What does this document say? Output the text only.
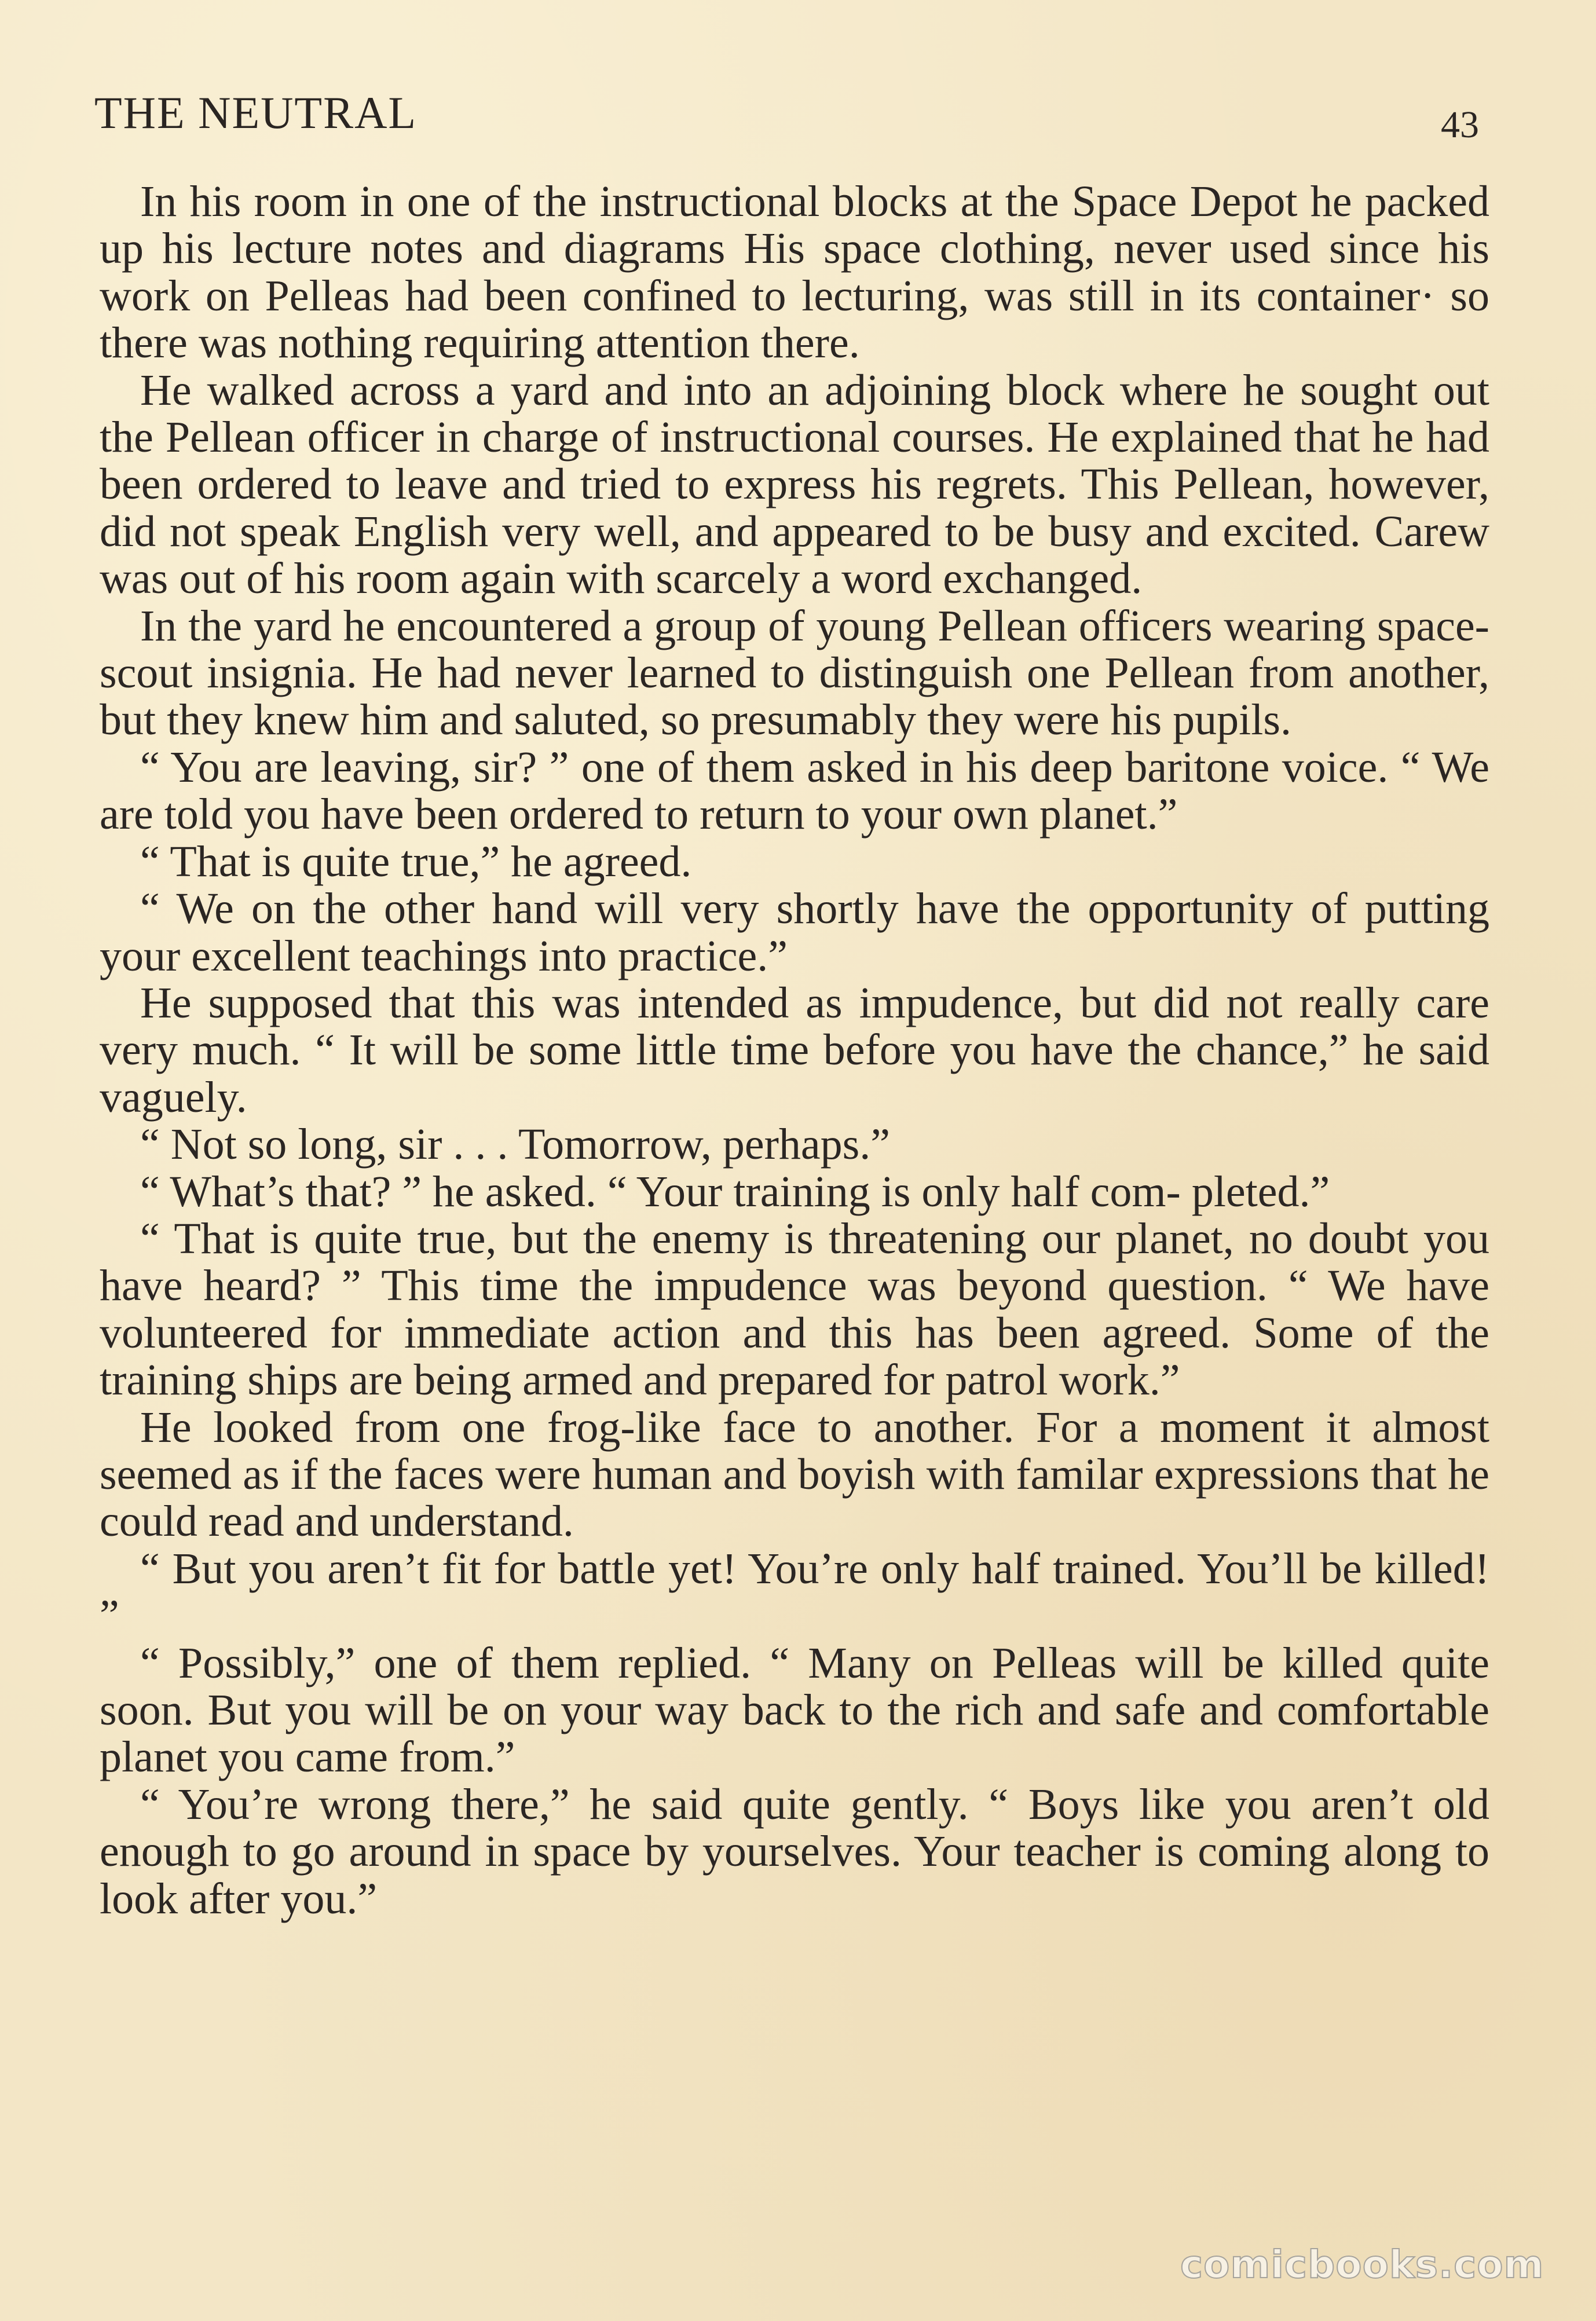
THE NEUTRAL	43

In his room in one of the instructional blocks at the Space Depot he packed up his lecture notes and diagrams His space clothing, never used since his work on Pelleas had been confined to lecturing, was still in its container· so there was nothing requiring attention there.

He walked across a yard and into an adjoining block where he sought out the Pellean officer in charge of instructional courses. He explained that he had been ordered to leave and tried to express his regrets. This Pellean, however, did not speak English very well, and appeared to be busy and excited. Carew was out of his room again with scarcely a word exchanged.

In the yard he encountered a group of young Pellean officers wearing space-scout insignia. He had never learned to distinguish one Pellean from another, but they knew him and saluted, so presumably they were his pupils.

“ You are leaving, sir? ” one of them asked in his deep baritone voice. “ We are told you have been ordered to return to your own planet.”

“ That is quite true,” he agreed.

“ We on the other hand will very shortly have the opportunity of putting your excellent teachings into practice.”

He supposed that this was intended as impudence, but did not really care very much. “ It will be some little time before you have the chance,” he said vaguely.

“ Not so long, sir . . . Tomorrow, perhaps.”

“ What’s that? ” he asked. “ Your training is only half com- pleted.”

“ That is quite true, but the enemy is threatening our planet, no doubt you have heard? ” This time the impudence was beyond question. “ We have volunteered for immediate action and this has been agreed. Some of the training ships are being armed and prepared for patrol work.”

He looked from one frog-like face to another. For a moment it almost seemed as if the faces were human and boyish with familar expressions that he could read and understand.

“ But you aren’t fit for battle yet! You’re only half trained. You’ll be killed! ”

“ Possibly,” one of them replied. “ Many on Pelleas will be killed quite soon. But you will be on your way back to the rich and safe and comfortable planet you came from.”

“ You’re wrong there,” he said quite gently. “ Boys like you aren’t old enough to go around in space by yourselves. Your teacher is coming along to look after you.”

comicbooks.com
